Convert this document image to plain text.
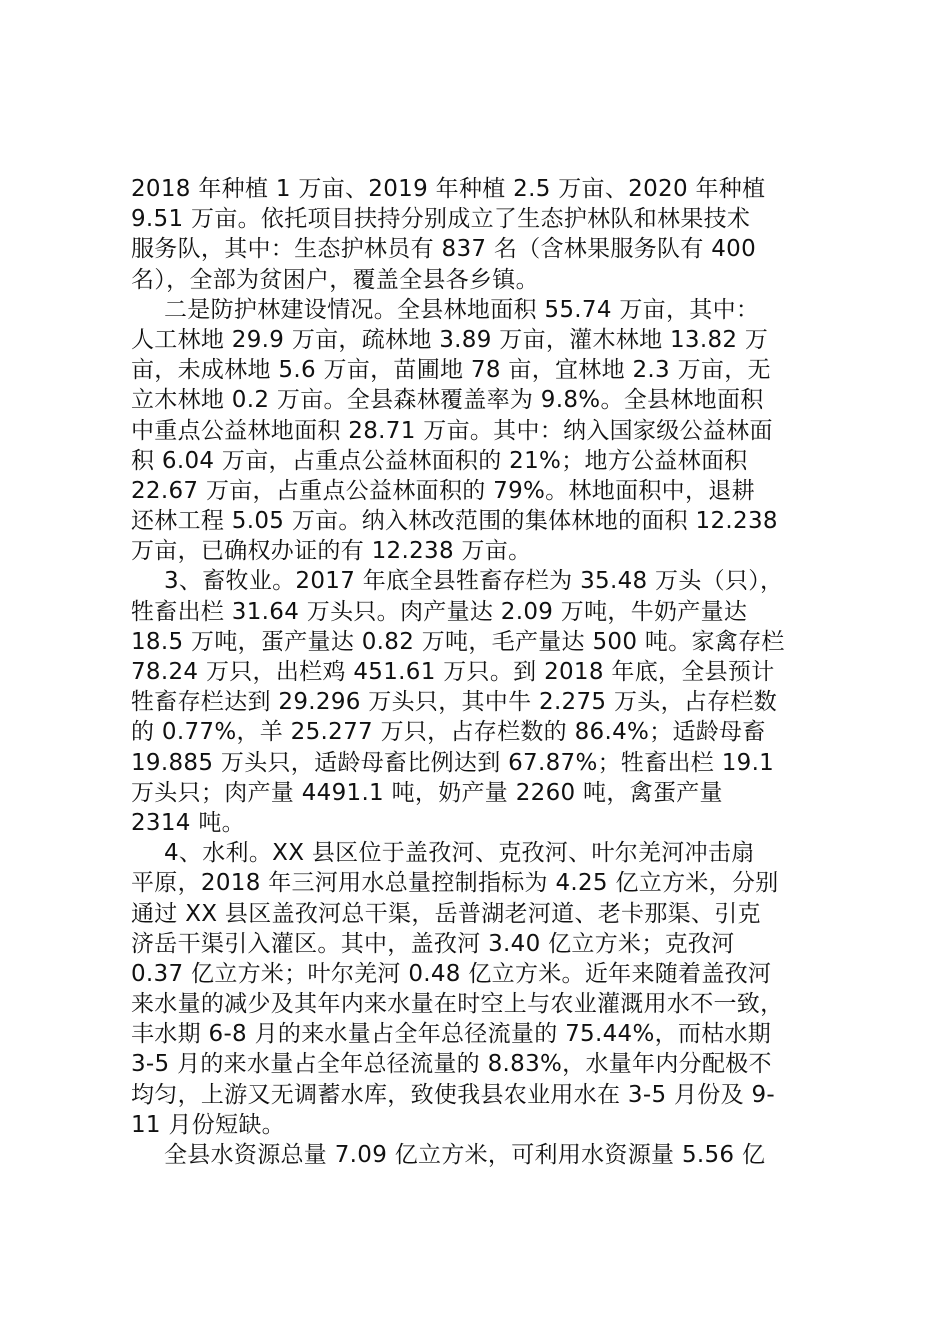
2018 年种植 1 万亩、2019 年种植 2.5 万亩、2020 年种植
9.51 万亩。依托项目扶持分别成立了生态护林队和林果技术
服务队，其中：生态护林员有 837 名（含林果服务队有 400
名），全部为贫困户，覆盖全县各乡镇。
二是防护林建设情况。全县林地面积 55.74 万亩，其中：
人工林地 29.9 万亩，疏林地 3.89 万亩，灌木林地 13.82 万
亩，未成林地 5.6 万亩，苗圃地 78 亩，宜林地 2.3 万亩，无
立木林地 0.2 万亩。全县森林覆盖率为 9.8%。全县林地面积
中重点公益林地面积 28.71 万亩。其中：纳入国家级公益林面
积 6.04 万亩，占重点公益林面积的 21%；地方公益林面积
22.67 万亩，占重点公益林面积的 79%。林地面积中，退耕
还林工程 5.05 万亩。纳入林改范围的集体林地的面积 12.238
万亩，已确权办证的有 12.238 万亩。
3、畜牧业。2017 年底全县牲畜存栏为 35.48 万头（只），
牲畜出栏 31.64 万头只。肉产量达 2.09 万吨，牛奶产量达
18.5 万吨，蛋产量达 0.82 万吨，毛产量达 500 吨。家禽存栏
78.24 万只，出栏鸡 451.61 万只。到 2018 年底，全县预计
牲畜存栏达到 29.296 万头只，其中牛 2.275 万头，占存栏数
的 0.77%，羊 25.277 万只，占存栏数的 86.4%；适龄母畜
19.885 万头只，适龄母畜比例达到 67.87%；牲畜出栏 19.1
万头只；肉产量 4491.1 吨，奶产量 2260 吨，禽蛋产量
2314 吨。
4、水利。XX 县区位于盖孜河、克孜河、叶尔羌河冲击扇
平原，2018 年三河用水总量控制指标为 4.25 亿立方米，分别
通过 XX 县区盖孜河总干渠，岳普湖老河道、老卡那渠、引克
济岳干渠引入灌区。其中，盖孜河 3.40 亿立方米；克孜河
0.37 亿立方米；叶尔羌河 0.48 亿立方米。近年来随着盖孜河
来水量的减少及其年内来水量在时空上与农业灌溉用水不一致，
丰水期 6-8 月的来水量占全年总径流量的 75.44%，而枯水期
3-5 月的来水量占全年总径流量的 8.83%，水量年内分配极不
均匀，上游又无调蓄水库，致使我县农业用水在 3-5 月份及 9-
11 月份短缺。
全县水资源总量 7.09 亿立方米，可利用水资源量 5.56 亿
